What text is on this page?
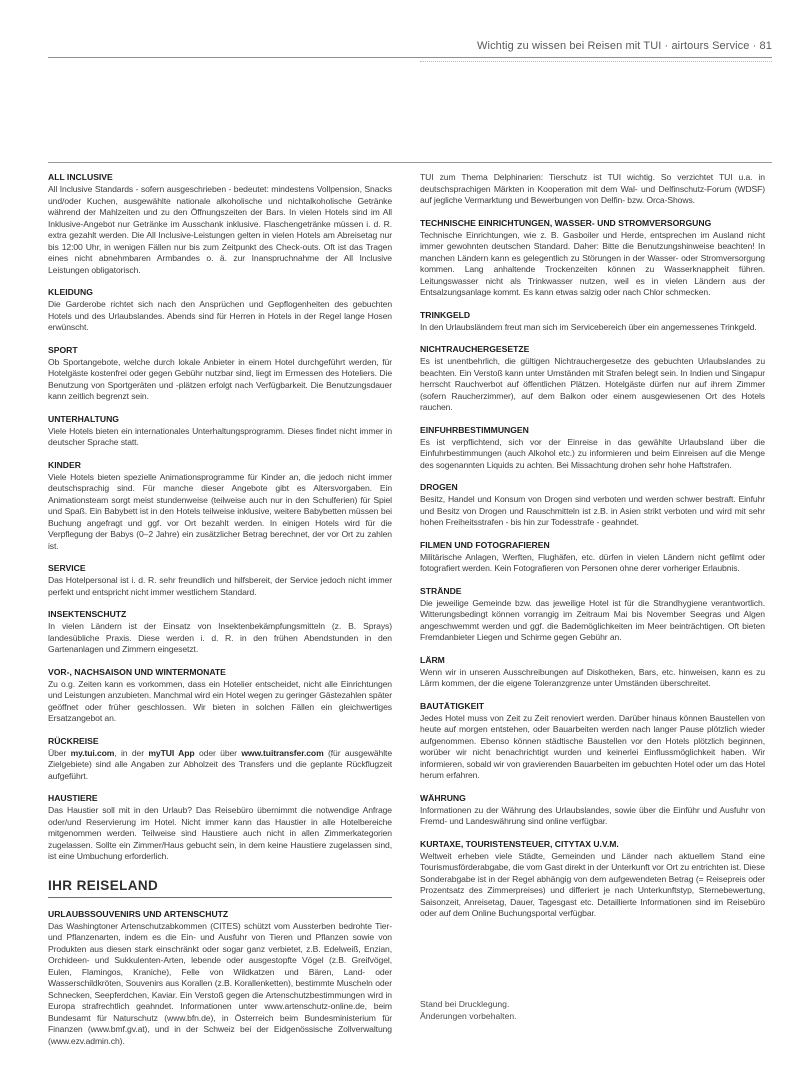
Wichtig zu wissen bei Reisen mit TUI · airtours Service · 81
ALL INCLUSIVE

All Inclusive Standards - sofern ausgeschrieben - bedeutet: mindestens Vollpension, Snacks und/oder Kuchen, ausgewählte nationale alkoholische und nichtalkoholische Getränke während der Mahlzeiten und zu den Öffnungszeiten der Bars. In vielen Hotels sind im All Inklusive-Angebot nur Getränke im Ausschank inklusive. Flaschengetränke müssen i. d. R. extra gezahlt werden. Die All Inclusive-Leistungen gelten in vielen Hotels am Abreisetag nur bis 12:00 Uhr, in wenigen Fällen nur bis zum Zeitpunkt des Check-outs. Oft ist das Tragen eines nicht abnehmbaren Armbandes o. ä. zur Inanspruchnahme der All Inclusive Leistungen obligatorisch.

KLEIDUNG

Die Garderobe richtet sich nach den Ansprüchen und Gepflogenheiten des gebuchten Hotels und des Urlaubslandes. Abends sind für Herren in Hotels in der Regel lange Hosen erwünscht.

SPORT

Ob Sportangebote, welche durch lokale Anbieter in einem Hotel durchgeführt werden, für Hotelgäste kostenfrei oder gegen Gebühr nutzbar sind, liegt im Ermessen des Hoteliers. Die Benutzung von Sportgeräten und -plätzen erfolgt nach Verfügbarkeit. Die Benutzungsdauer kann zeitlich begrenzt sein.

UNTERHALTUNG

Viele Hotels bieten ein internationales Unterhaltungsprogramm. Dieses findet nicht immer in deutscher Sprache statt.

KINDER

Viele Hotels bieten spezielle Animationsprogramme für Kinder an, die jedoch nicht immer deutschsprachig sind. Für manche dieser Angebote gibt es Altersvorgaben. Ein Animationsteam sorgt meist stundenweise (teilweise auch nur in den Schulferien) für Spiel und Spaß. Ein Babybett ist in den Hotels teilweise inklusive, weitere Babybetten müssen bei Buchung angefragt und ggf. vor Ort bezahlt werden. In einigen Hotels wird für die Verpflegung der Babys (0–2 Jahre) ein zusätzlicher Betrag berechnet, der vor Ort zu zahlen ist.

SERVICE

Das Hotelpersonal ist i. d. R. sehr freundlich und hilfsbereit, der Service jedoch nicht immer perfekt und entspricht nicht immer westlichem Standard.

INSEKTENSCHUTZ

In vielen Ländern ist der Einsatz von Insektenbekämpfungsmitteln (z. B. Sprays) landesübliche Praxis. Diese werden i. d. R. in den frühen Abendstunden in den Gartenanlagen und Zimmern eingesetzt.

VOR-, NACHSAISON UND WINTERMONATE

Zu o.g. Zeiten kann es vorkommen, dass ein Hotelier entscheidet, nicht alle Einrichtungen und Leistungen anzubieten. Manchmal wird ein Hotel wegen zu geringer Gästezahlen später geöffnet oder früher geschlossen. Wir bieten in solchen Fällen ein gleichwertiges Ersatzangebot an.

RÜCKREISE

Über my.tui.com, in der myTUI App oder über www.tuitransfer.com (für ausgewählte Zielgebiete) sind alle Angaben zur Abholzeit des Transfers und die geplante Rückflugzeit aufgeführt.

HAUSTIERE

Das Haustier soll mit in den Urlaub? Das Reisebüro übernimmt die notwendige Anfrage oder/und Reservierung im Hotel. Nicht immer kann das Haustier in alle Hotelbereiche mitgenommen werden. Teilweise sind Haustiere auch nicht in allen Zimmerkategorien zugelassen. Sollte ein Zimmer/Haus gebucht sein, in dem keine Haustiere zugelassen sind, ist eine Umbuchung erforderlich.

IHR REISELAND
URLAUBSSOUVENIRS UND ARTENSCHUTZ

Das Washingtoner Artenschutzabkommen (CITES) schützt vom Aussterben bedrohte Tier- und Pflanzenarten, indem es die Ein- und Ausfuhr von Tieren und Pflanzen sowie von Produkten aus diesen stark einschränkt oder sogar ganz verbietet, z.B. Edelweiß, Enzian, Orchideen- und Sukkulenten-Arten, lebende oder ausgestopfte Vögel (z.B. Greifvögel, Eulen, Flamingos, Kraniche), Felle von Wildkatzen und Bären, Land- oder Wasserschildkröten, Souvenirs aus Korallen (z.B. Korallenketten), bestimmte Muscheln oder Schnecken, Seepferdchen, Kaviar. Ein Verstoß gegen die Artenschutzbestimmungen wird in Europa strafrechtlich geahndet. Informationen unter www.artenschutz-online.de, beim Bundesamt für Naturschutz (www.bfn.de), in Österreich beim Bundesministerium für Finanzen (www.bmf.gv.at), und in der Schweiz bei der Eidgenössische Zollverwaltung (www.ezv.admin.ch).

TUI zum Thema Delphinarien: Tierschutz ist TUI wichtig. So verzichtet TUI u.a. in deutschsprachigen Märkten in Kooperation mit dem Wal- und Delfinschutz-Forum (WDSF) auf jegliche Vermarktung und Bewerbungen von Delfin- bzw. Orca-Shows.

TECHNISCHE EINRICHTUNGEN, WASSER- UND STROMVERSORGUNG

Technische Einrichtungen, wie z. B. Gasboiler und Herde, entsprechen im Ausland nicht immer gewohnten deutschen Standard. Daher: Bitte die Benutzungshinweise beachten! In manchen Ländern kann es gelegentlich zu Störungen in der Wasser- oder Stromversorgung kommen. Lang anhaltende Trockenzeiten können zu Wasserknappheit führen. Leitungswasser nicht als Trinkwasser nutzen, weil es in vielen Ländern aus der Entsalzungsanlage kommt. Es kann etwas salzig oder nach Chlor schmecken.

TRINKGELD

In den Urlaubsländern freut man sich im Servicebereich über ein angemessenes Trinkgeld.

NICHTRAUCHERGESETZE

Es ist unentbehrlich, die gültigen Nichtrauchergesetze des gebuchten Urlaubslandes zu beachten. Ein Verstoß kann unter Umständen mit Strafen belegt sein. In Indien und Singapur herrscht Rauchverbot auf öffentlichen Plätzen. Hotelgäste dürfen nur auf ihrem Zimmer (sofern Raucherzimmer), auf dem Balkon oder einem ausgewiesenen Ort des Hotels rauchen.

EINFUHRBESTIMMUNGEN

Es ist verpflichtend, sich vor der Einreise in das gewählte Urlaubsland über die Einfuhrbestimmungen (auch Alkohol etc.) zu informieren und beim Einreisen auf die Menge des sogenannten Liquids zu achten. Bei Missachtung drohen sehr hohe Haftstrafen.

DROGEN

Besitz, Handel und Konsum von Drogen sind verboten und werden schwer bestraft. Einfuhr und Besitz von Drogen und Rauschmitteln ist z.B. in Asien strikt verboten und wird mit sehr hohen Freiheitsstrafen - bis hin zur Todesstrafe - geahndet.

FILMEN UND FOTOGRAFIEREN

Militärische Anlagen, Werften, Flughäfen, etc. dürfen in vielen Ländern nicht gefilmt oder fotografiert werden. Kein Fotografieren von Personen ohne derer vorheriger Erlaubnis.

STRÄNDE

Die jeweilige Gemeinde bzw. das jeweilige Hotel ist für die Strandhygiene verantwortlich. Witterungsbedingt können vorrangig im Zeitraum Mai bis November Seegras und Algen angeschwemmt werden und ggf. die Bademöglichkeiten im Meer beinträchtigen. Oft bieten Fremdanbieter Liegen und Schirme gegen Gebühr an.

LÄRM

Wenn wir in unseren Ausschreibungen auf Diskotheken, Bars, etc. hinweisen, kann es zu Lärm kommen, der die eigene Toleranzgrenze unter Umständen überschreitet.

BAUTÄTIGKEIT

Jedes Hotel muss von Zeit zu Zeit renoviert werden. Darüber hinaus können Baustellen von heute auf morgen entstehen, oder Bauarbeiten werden nach langer Pause plötzlich wieder aufgenommen. Ebenso können städtische Baustellen vor den Hotels plötzlich beginnen, worüber wir nicht benachrichtigt wurden und keinerlei Einflussmöglichkeit haben. Wir informieren, sobald wir von gravierenden Bauarbeiten im gebuchten Hotel oder um das Hotel herum erfahren.

WÄHRUNG

Informationen zu der Währung des Urlaubslandes, sowie über die Einführ und Ausfuhr von Fremd- und Landeswährung sind online verfügbar.

KURTAXE, TOURISTENSTEUER, CITYTAX U.V.M.

Weltweit erheben viele Städte, Gemeinden und Länder nach aktuellem Stand eine Tourismusförderabgabe, die vom Gast direkt in der Unterkunft vor Ort zu entrichten ist. Diese Sonderabgabe ist in der Regel abhängig von dem aufgewendeten Betrag (= Reisepreis oder Prozentsatz des Zimmerpreises) und differiert je nach Unterkunftstyp, Sternebewertung, Saisonzeit, Anreisetag, Dauer, Tagesgast etc. Detaillierte Informationen sind im Reisebüro oder auf dem Online Buchungsportal verfügbar.

Stand bei Drucklegung.
Änderungen vorbehalten.
